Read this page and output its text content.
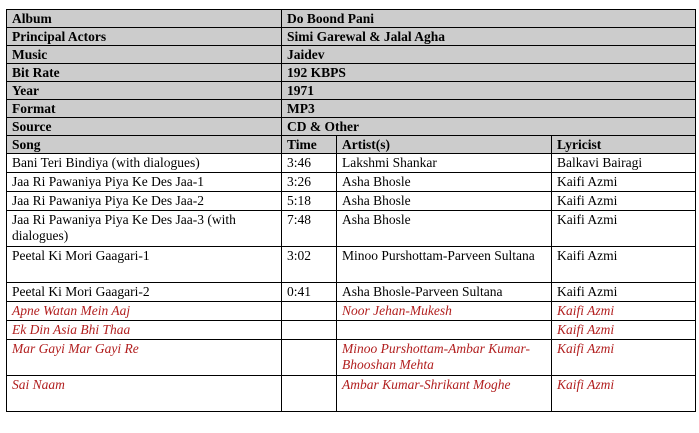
Album	Do Boond Pani		
Principal Actors	Simi Garewal & Jalal Agha		
Music	Jaidev		
Bit Rate	192 KBPS		
Year	1971		
Format	MP3		
Source	CD & Other		
Song	Time	Artist(s)	Lyricist
Bani Teri Bindiya (with dialogues)	3:46	Lakshmi Shankar	Balkavi Bairagi
Jaa Ri Pawaniya Piya Ke Des Jaa-1	3:26	Asha Bhosle	Kaifi Azmi
Jaa Ri Pawaniya Piya Ke Des Jaa-2	5:18	Asha Bhosle	Kaifi Azmi
Jaa Ri Pawaniya Piya Ke Des Jaa-3 (with dialogues)	7:48	Asha Bhosle	Kaifi Azmi
Peetal Ki Mori Gaagari-1	3:02	Minoo Purshottam-Parveen Sultana	Kaifi Azmi
Peetal Ki Mori Gaagari-2	0:41	Asha Bhosle-Parveen Sultana	Kaifi Azmi
Apne Watan Mein Aaj		Noor Jehan-Mukesh	Kaifi Azmi
Ek Din Asia Bhi Thaa			Kaifi Azmi
Mar Gayi Mar Gayi Re		Minoo Purshottam-Ambar Kumar-Bhooshan Mehta	Kaifi Azmi
Sai Naam		Ambar Kumar-Shrikant Moghe	Kaifi Azmi
